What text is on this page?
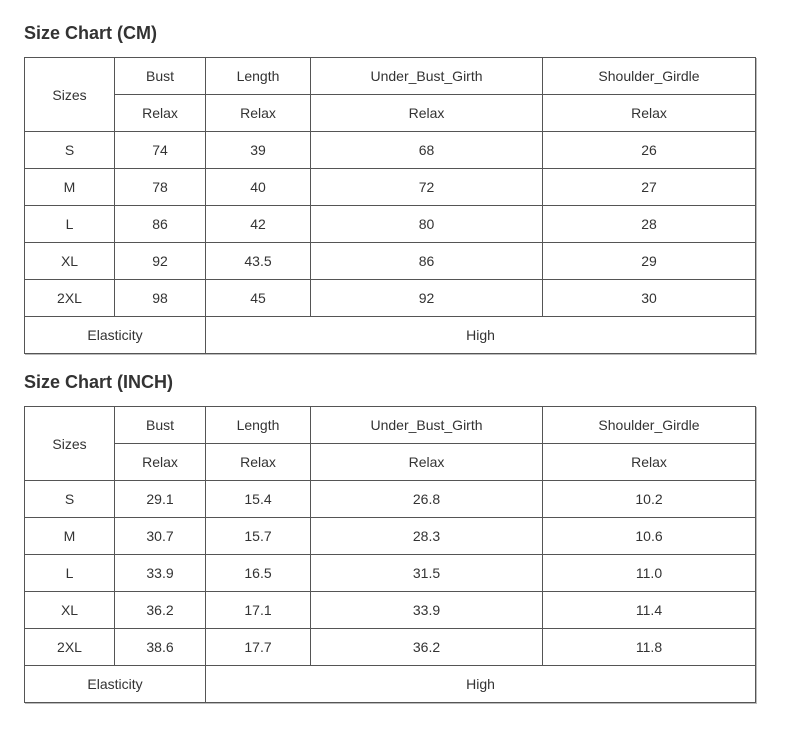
Size Chart (CM)
Sizes	Bust	Length	Under_Bust_Girth	Shoulder_Girdle
	Relax	Relax	Relax	Relax
S	74	39	68	26
M	78	40	72	27
L	86	42	80	28
XL	92	43.5	86	29
2XL	98	45	92	30
Elasticity		High		
Size Chart (INCH)
Sizes	Bust	Length	Under_Bust_Girth	Shoulder_Girdle
	Relax	Relax	Relax	Relax
S	29.1	15.4	26.8	10.2
M	30.7	15.7	28.3	10.6
L	33.9	16.5	31.5	11.0
XL	36.2	17.1	33.9	11.4
2XL	38.6	17.7	36.2	11.8
Elasticity		High		
